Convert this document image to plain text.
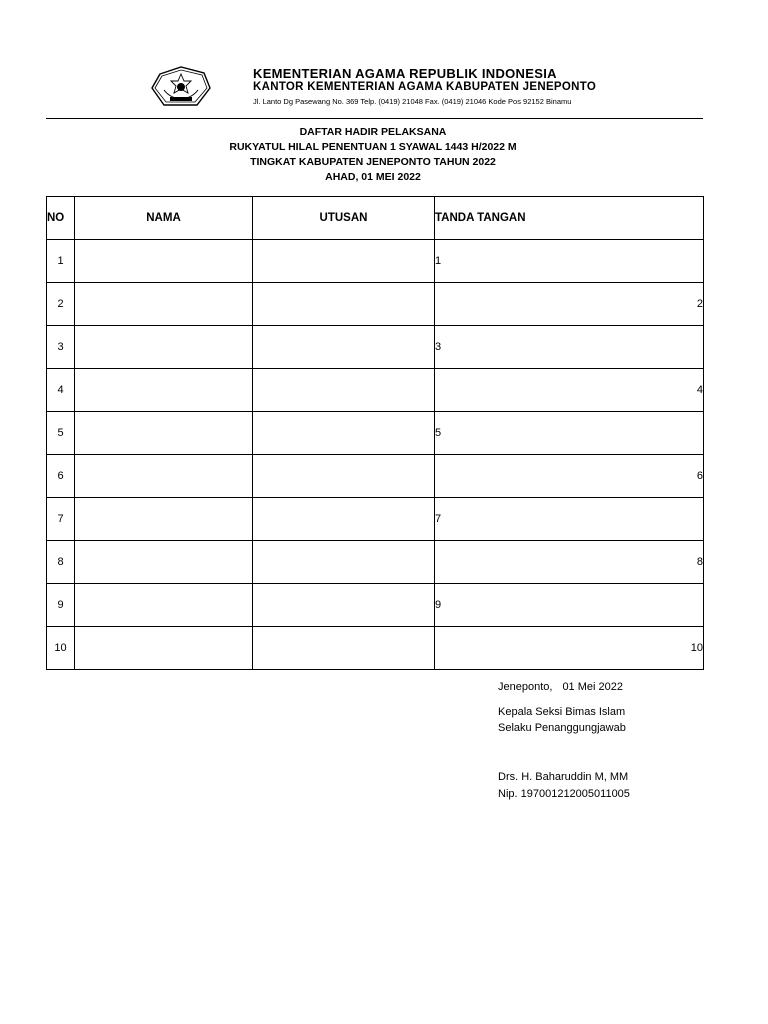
KEMENTERIAN AGAMA REPUBLIK INDONESIA
KANTOR KEMENTERIAN AGAMA KABUPATEN JENEPONTO
Jl. Lanto Dg Pasewang No. 369 Telp. (0419) 21048 Fax. (0419) 21046 Kode Pos 92152 Binamu
DAFTAR HADIR PELAKSANA
RUKYATUL HILAL PENENTUAN 1 SYAWAL 1443 H/2022 M
TINGKAT KABUPATEN JENEPONTO TAHUN 2022
AHAD, 01 MEI 2022
NO	NAMA	UTUSAN	TANDA TANGAN
1			1
2			2
3			3
4			4
5			5
6			6
7			7
8			8
9			9
10			10
Jeneponto, 01 Mei 2022
Kepala Seksi Bimas Islam
Selaku Penanggungjawab
Drs. H. Baharuddin M, MM
Nip. 197001212005011005
